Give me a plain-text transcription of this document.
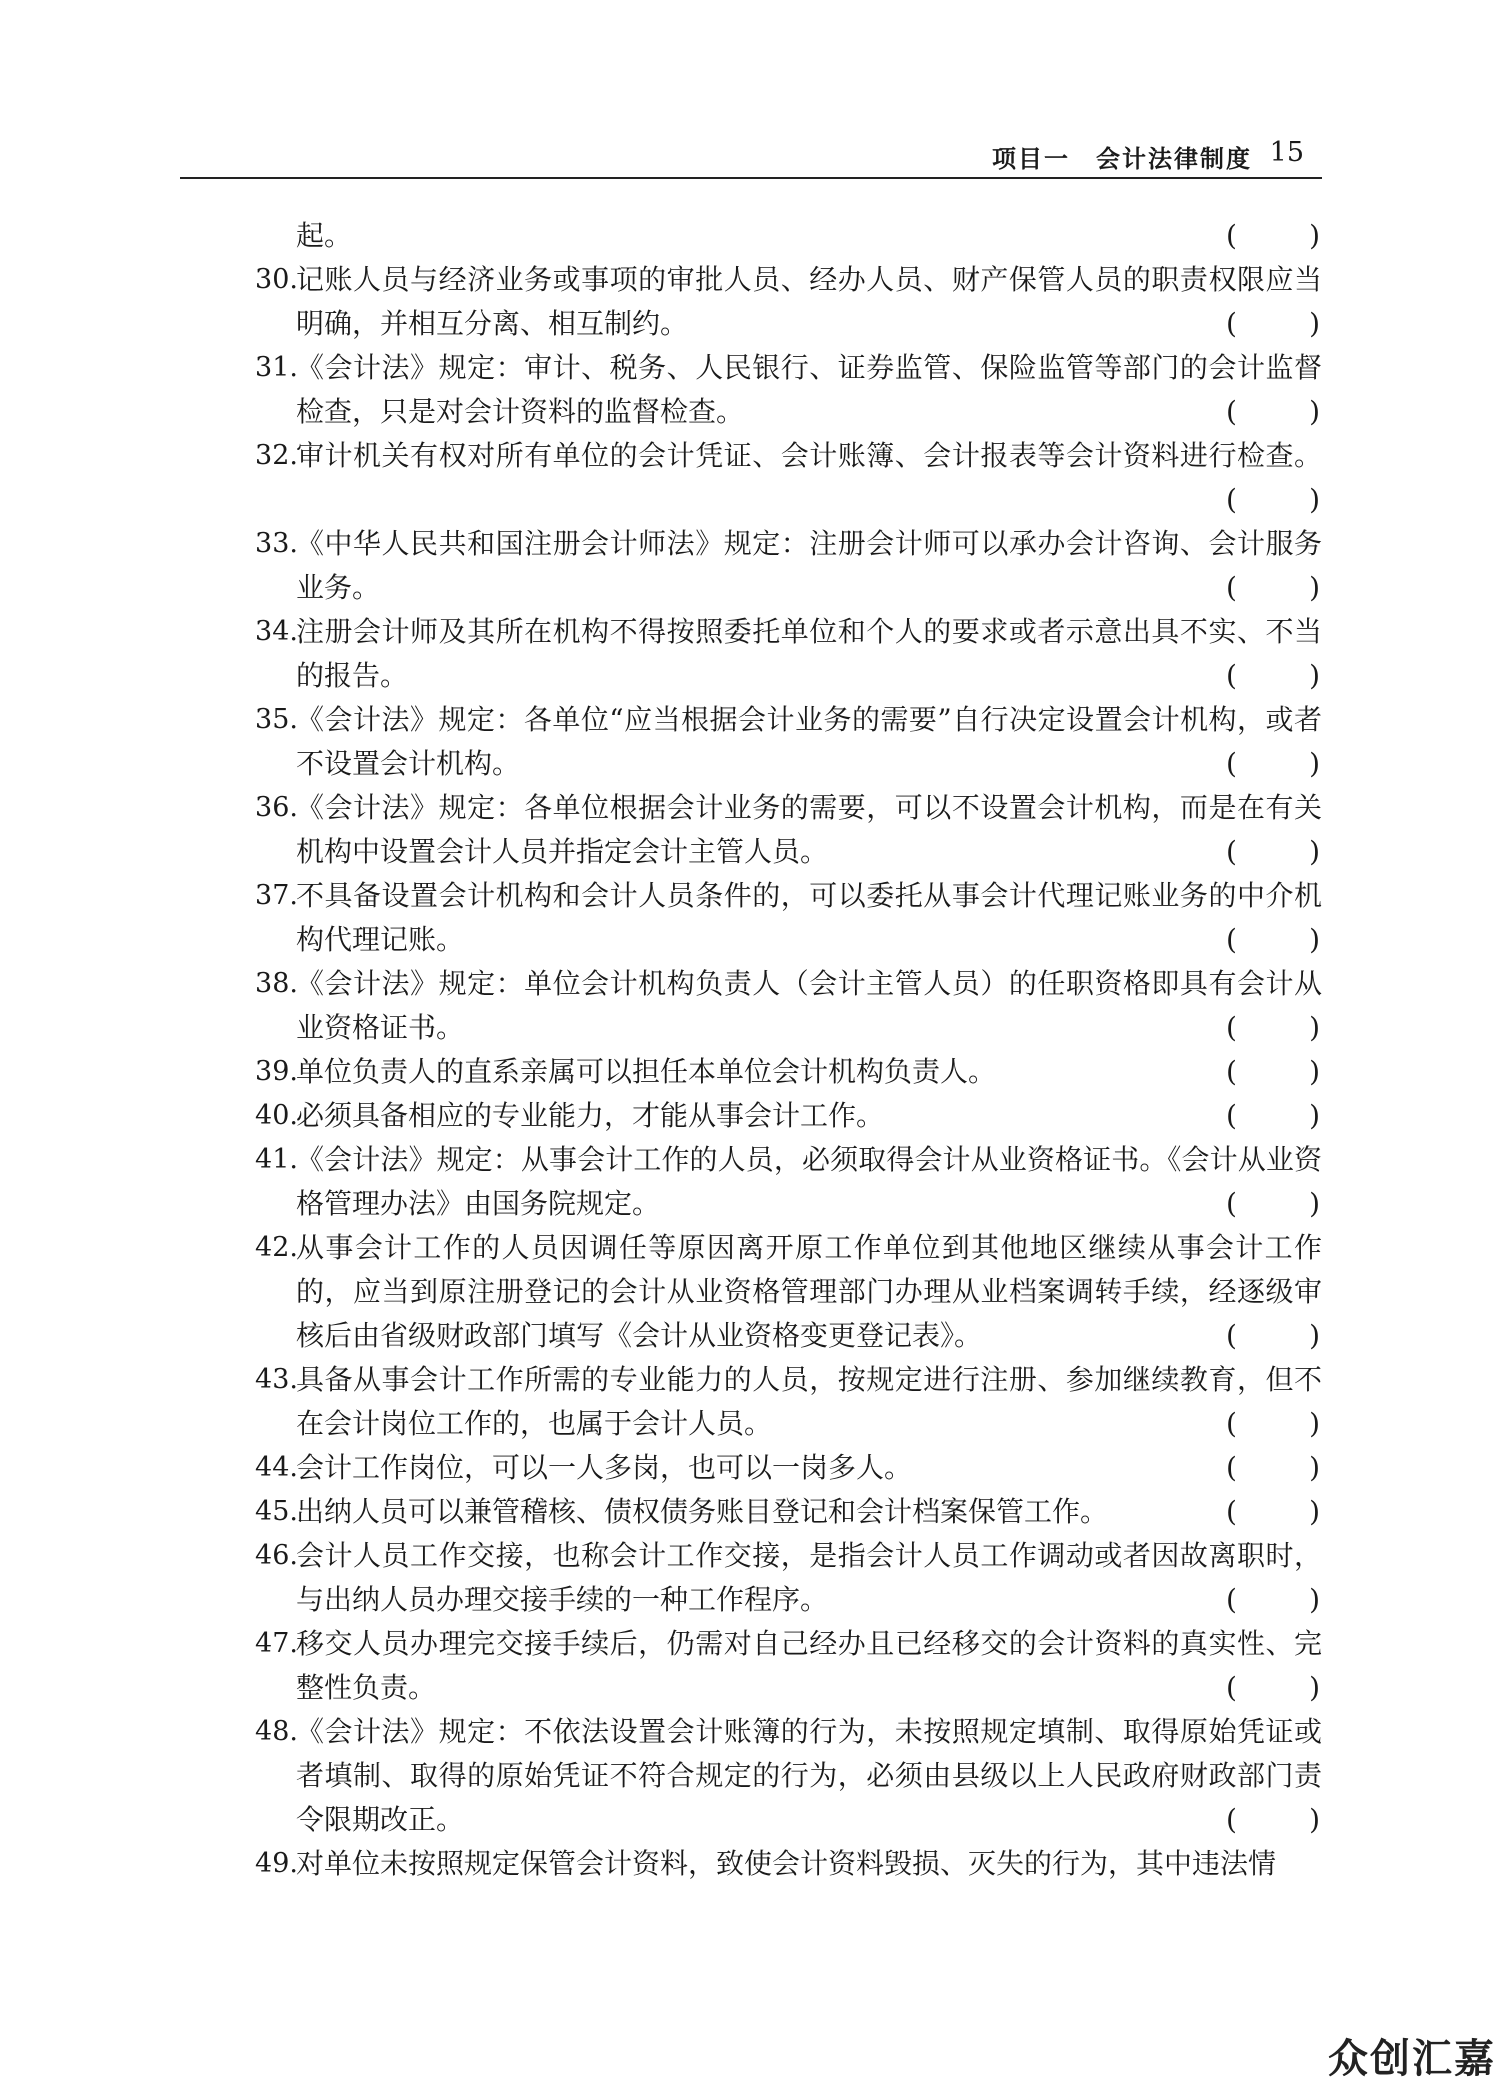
项目一　会计法律制度 15
起。	(	)
30.
记账人员与经济业务或事项的审批人员、经办人员、财产保管人员的职责权限应当明确，并相互分离、相互制约。	(	)
31.
《会计法》规定：审计、税务、人民银行、证券监管、保险监管等部门的会计监督检查，只是对会计资料的监督检查。	(	)
32.
审计机关有权对所有单位的会计凭证、会计账簿、会计报表等会计资料进行检查。
(	)
33.
《中华人民共和国注册会计师法》规定：注册会计师可以承办会计咨询、会计服务业务。	(	)
34.
注册会计师及其所在机构不得按照委托单位和个人的要求或者示意出具不实、不当的报告。	(	)
35.
《会计法》规定：各单位“应当根据会计业务的需要”自行决定设置会计机构，或者不设置会计机构。	(	)
36.
《会计法》规定：各单位根据会计业务的需要，可以不设置会计机构，而是在有关机构中设置会计人员并指定会计主管人员。	(	)
37.
不具备设置会计机构和会计人员条件的，可以委托从事会计代理记账业务的中介机构代理记账。	(	)
38.
《会计法》规定：单位会计机构负责人（会计主管人员）的任职资格即具有会计从业资格证书。	(	)
39.
单位负责人的直系亲属可以担任本单位会计机构负责人。	(	)
40.
必须具备相应的专业能力，才能从事会计工作。	(	)
41.
《会计法》规定：从事会计工作的人员，必须取得会计从业资格证书。《会计从业资格管理办法》由国务院规定。	(	)
42.
从事会计工作的人员因调任等原因离开原工作单位到其他地区继续从事会计工作的，应当到原注册登记的会计从业资格管理部门办理从业档案调转手续，经逐级审核后由省级财政部门填写《会计从业资格变更登记表》。	(	)
43.
具备从事会计工作所需的专业能力的人员，按规定进行注册、参加继续教育，但不在会计岗位工作的，也属于会计人员。	(	)
44.
会计工作岗位，可以一人多岗，也可以一岗多人。	(	)
45.
出纳人员可以兼管稽核、债权债务账目登记和会计档案保管工作。	(	)
46.
会计人员工作交接，也称会计工作交接，是指会计人员工作调动或者因故离职时，与出纳人员办理交接手续的一种工作程序。	(	)
47.
移交人员办理完交接手续后，仍需对自己经办且已经移交的会计资料的真实性、完整性负责。	(	)
48.
《会计法》规定：不依法设置会计账簿的行为，未按照规定填制、取得原始凭证或者填制、取得的原始凭证不符合规定的行为，必须由县级以上人民政府财政部门责令限期改正。	(	)
49.
对单位未按照规定保管会计资料，致使会计资料毁损、灭失的行为，其中违法情
众创汇嘉
